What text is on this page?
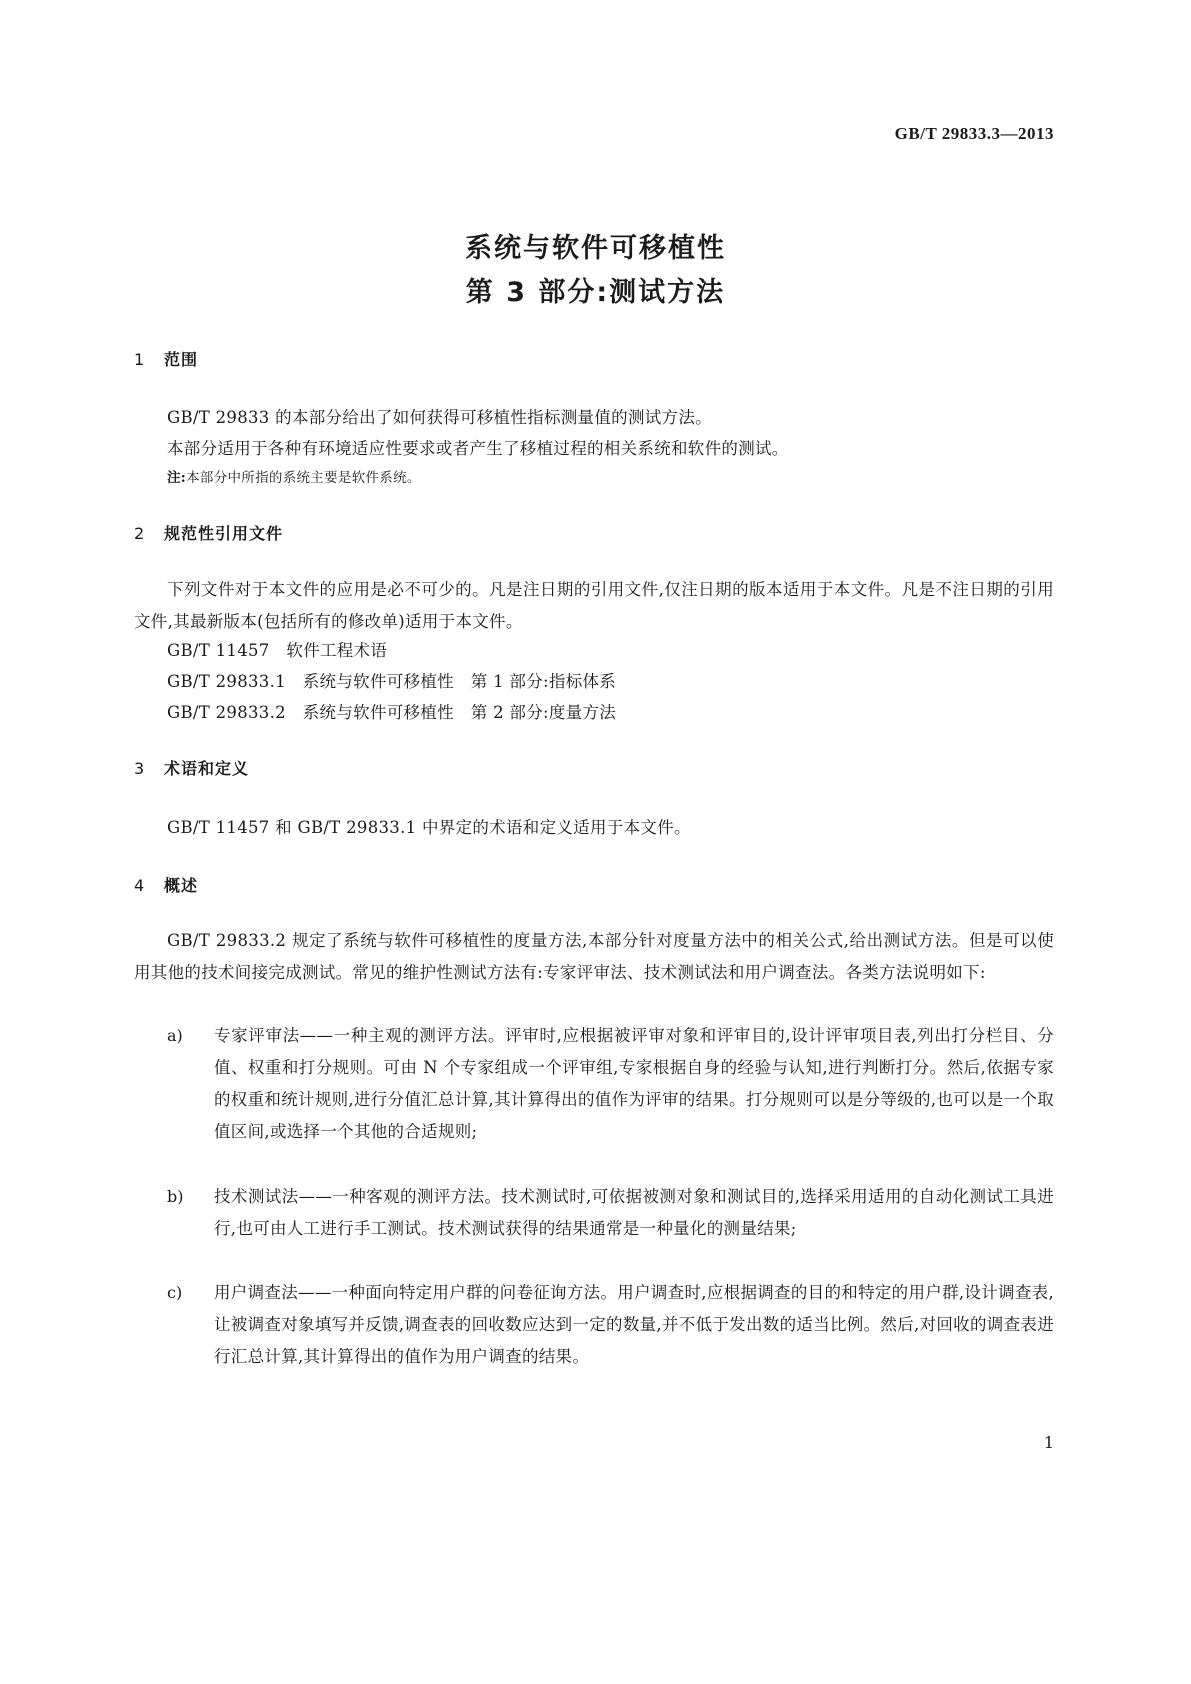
GB/T 29833.3—2013
系统与软件可移植性
第 3 部分:测试方法
1 范围
GB/T 29833 的本部分给出了如何获得可移植性指标测量值的测试方法。
本部分适用于各种有环境适应性要求或者产生了移植过程的相关系统和软件的测试。
注:本部分中所指的系统主要是软件系统。
2 规范性引用文件
下列文件对于本文件的应用是必不可少的。凡是注日期的引用文件,仅注日期的版本适用于本文件。凡是不注日期的引用文件,其最新版本(包括所有的修改单)适用于本文件。
GB/T 11457　软件工程术语
GB/T 29833.1　系统与软件可移植性　第 1 部分:指标体系
GB/T 29833.2　系统与软件可移植性　第 2 部分:度量方法
3 术语和定义
GB/T 11457 和 GB/T 29833.1 中界定的术语和定义适用于本文件。
4 概述
GB/T 29833.2 规定了系统与软件可移植性的度量方法,本部分针对度量方法中的相关公式,给出测试方法。但是可以使用其他的技术间接完成测试。常见的维护性测试方法有:专家评审法、技术测试法和用户调查法。各类方法说明如下:
a) 专家评审法——一种主观的测评方法。评审时,应根据被评审对象和评审目的,设计评审项目表,列出打分栏目、分值、权重和打分规则。可由 N 个专家组成一个评审组,专家根据自身的经验与认知,进行判断打分。然后,依据专家的权重和统计规则,进行分值汇总计算,其计算得出的值作为评审的结果。打分规则可以是分等级的,也可以是一个取值区间,或选择一个其他的合适规则;
b) 技术测试法——一种客观的测评方法。技术测试时,可依据被测对象和测试目的,选择采用适用的自动化测试工具进行,也可由人工进行手工测试。技术测试获得的结果通常是一种量化的测量结果;
c) 用户调查法——一种面向特定用户群的问卷征询方法。用户调查时,应根据调查的目的和特定的用户群,设计调查表,让被调查对象填写并反馈,调查表的回收数应达到一定的数量,并不低于发出数的适当比例。然后,对回收的调查表进行汇总计算,其计算得出的值作为用户调查的结果。
1
